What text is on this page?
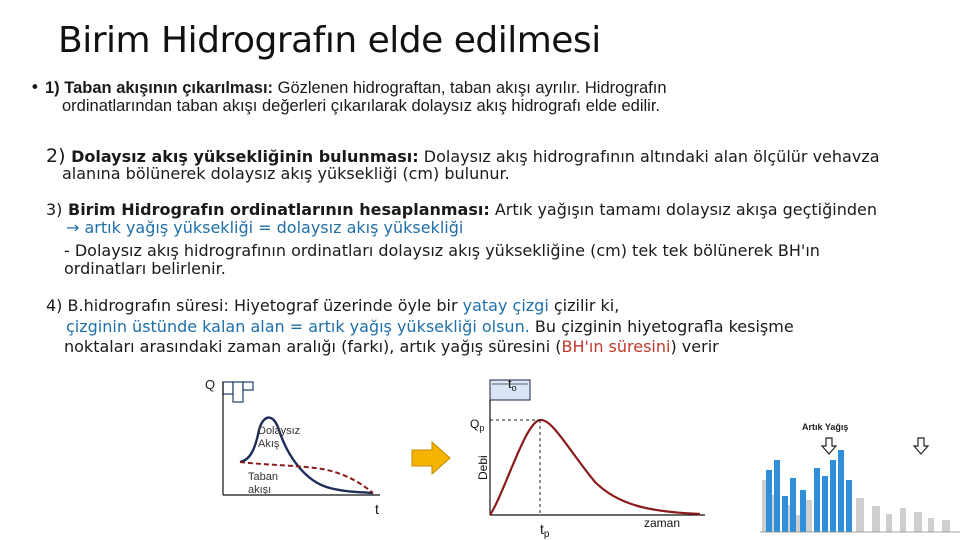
Birim Hidrografın elde edilmesi
• 1) Taban akışının çıkarılması: Gözlenen hidrograftan, taban akışı ayrılır. Hidrografın
ordinatlarından taban akışı değerleri çıkarılarak dolaysız akış hidrografı elde edilir.
2) Dolaysız akış yüksekliğinin bulunması: Dolaysız akış hidrografının altındaki alan ölçülür vehavza
alanına bölünerek dolaysız akış yüksekliği (cm) bulunur.
3) Birim Hidrografın ordinatlarının hesaplanması: Artık yağışın tamamı dolaysız akışa geçtiğinden
→ artık yağış yüksekliği = dolaysız akış yüksekliği
- Dolaysız akış hidrografının ordinatları dolaysız akış yüksekliğine (cm) tek tek bölünerek BH'ın
ordinatları belirlenir.
4) B.hidrografın süresi: Hiyetograf üzerinde öyle bir yatay çizgi çizilir ki,
çizginin üstünde kalan alan = artık yağış yüksekliği olsun. Bu çizginin hiyetografla kesişme
noktaları arasındaki zaman aralığı (farkı), artık yağış süresini (BH'ın süresini) verir
Q
Dolaysız
Akış
Taban
akışı
t
$t_o$
$Q_p$
Debi
$t_p$
zaman
Artık Yağış
